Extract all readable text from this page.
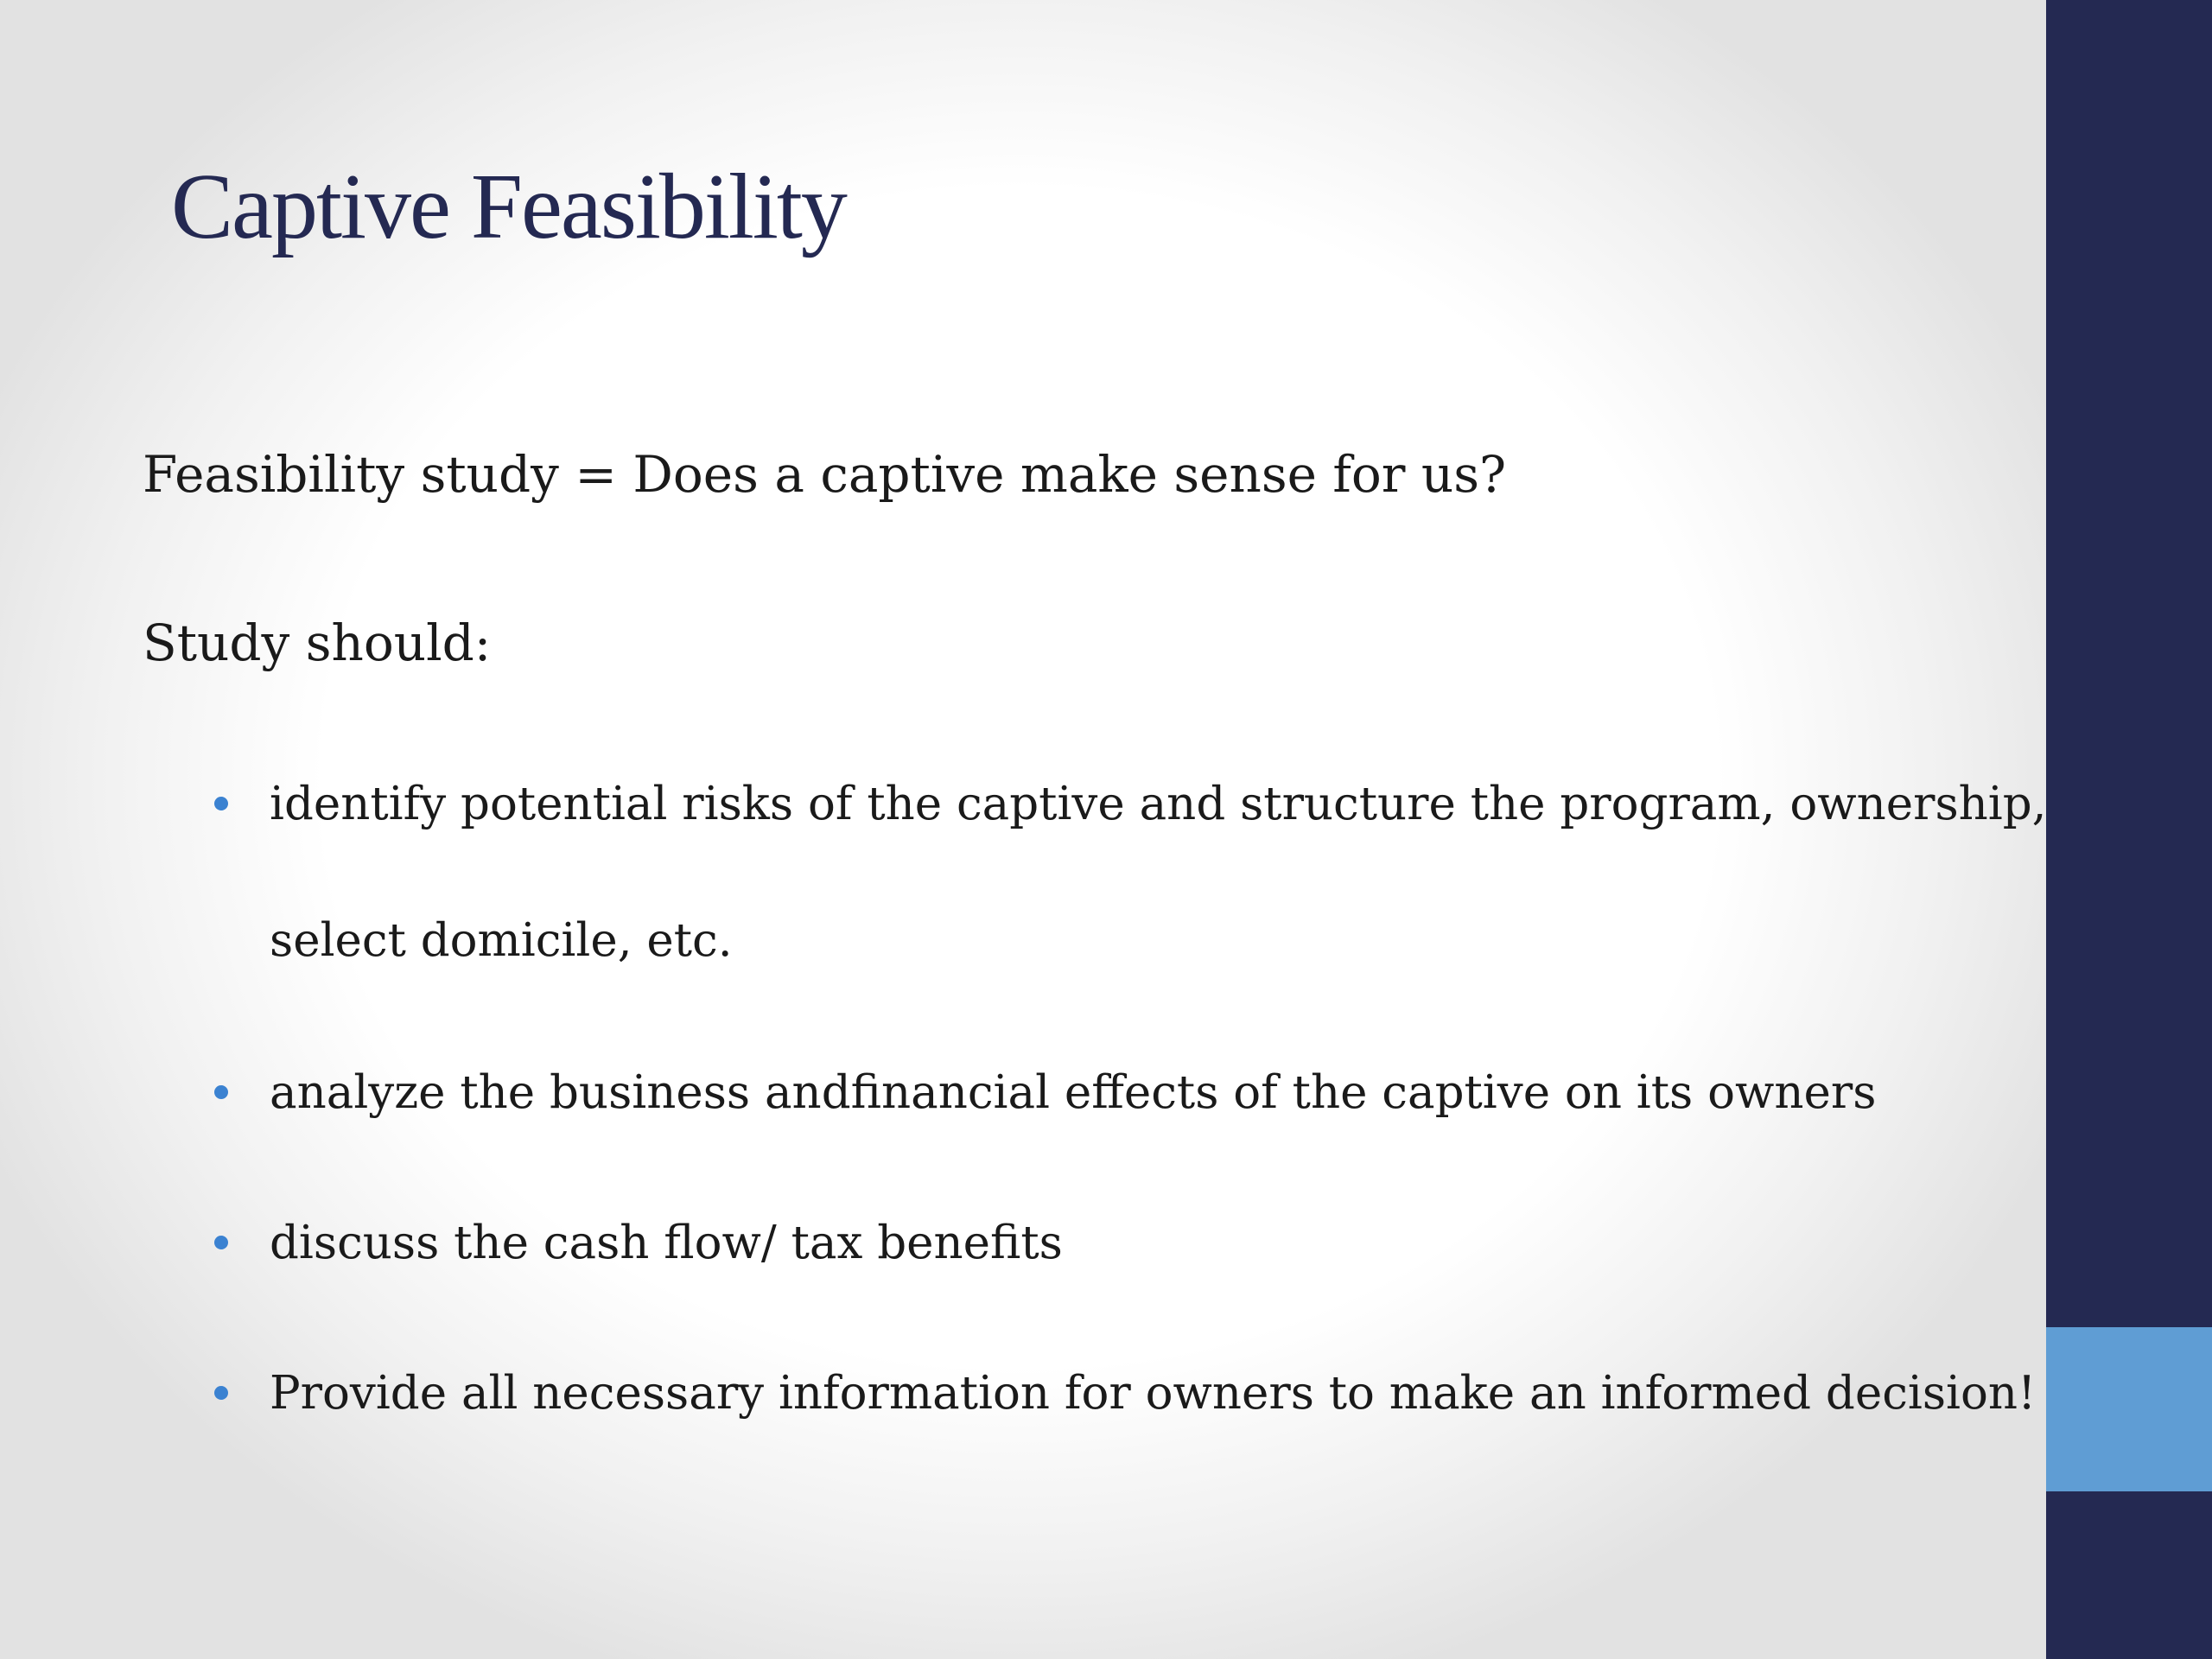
Captive Feasibility

Feasibility study = Does a captive make sense for us?

Study should:

identify potential risks of the captive and structure the program, ownership,

select domicile, etc.

analyze the business andfinancial effects of the captive on its owners

discuss the cash flow/ tax benefits

Provide all necessary information for owners to make an informed decision!
